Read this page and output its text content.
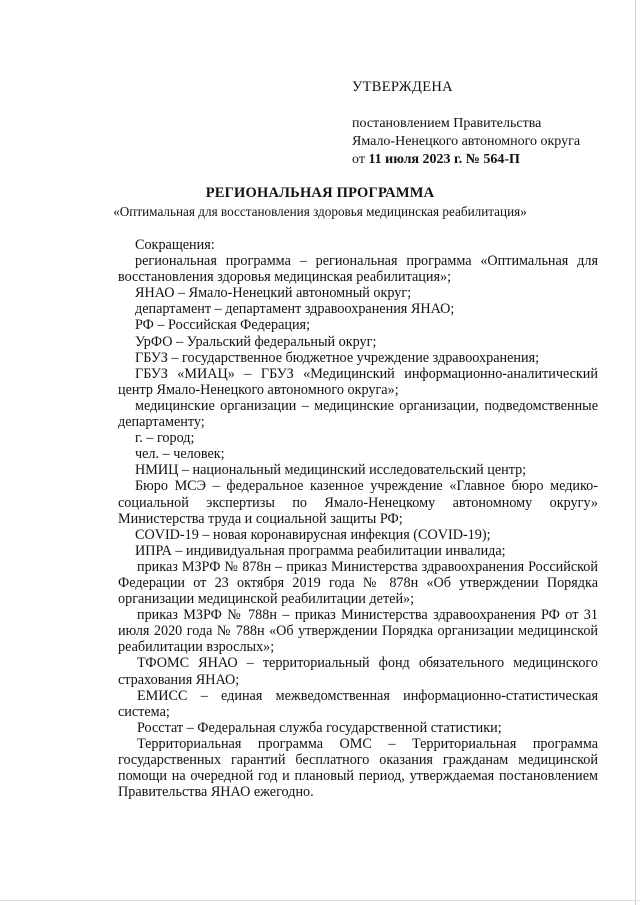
УТВЕРЖДЕНА
постановлением Правительства
Ямало-Ненецкого автономного округа
от 11 июля 2023 г. № 564-П
РЕГИОНАЛЬНАЯ ПРОГРАММА
«Оптимальная для восстановления здоровья медицинская реабилитация»

Сокращения:

региональная программа – региональная программа «Оптимальная для восстановления здоровья медицинская реабилитация»;

ЯНАО – Ямало-Ненецкий автономный округ;

департамент – департамент здравоохранения ЯНАО;

РФ – Российская Федерация;

УрФО – Уральский федеральный округ;

ГБУЗ – государственное бюджетное учреждение здравоохранения;

ГБУЗ «МИАЦ» – ГБУЗ «Медицинский информационно-аналитический центр Ямало-Ненецкого автономного округа»;

медицинские организации – медицинские организации, подведомственные департаменту;

г. – город;

чел. – человек;

НМИЦ – национальный медицинский исследовательский центр;

Бюро МСЭ – федеральное казенное учреждение «Главное бюро медико-социальной экспертизы по Ямало-Ненецкому автономному округу» Министерства труда и социальной защиты РФ;

COVID-19 – новая коронавирусная инфекция (COVID-19);

ИПРА – индивидуальная программа реабилитации инвалида;

приказ МЗРФ № 878н – приказ Министерства здравоохранения Российской Федерации от 23 октября 2019 года № 878н «Об утверждении Порядка организации медицинской реабилитации детей»;

приказ МЗРФ № 788н – приказ Министерства здравоохранения РФ от 31 июля 2020 года № 788н «Об утверждении Порядка организации медицинской реабилитации взрослых»;

ТФОМС ЯНАО – территориальный фонд обязательного медицинского страхования ЯНАО;

ЕМИСС – единая межведомственная информационно-статистическая система;

Росстат – Федеральная служба государственной статистики;

Территориальная программа ОМС – Территориальная программа государственных гарантий бесплатного оказания гражданам медицинской помощи на очередной год и плановый период, утверждаемая постановлением Правительства ЯНАО ежегодно.
